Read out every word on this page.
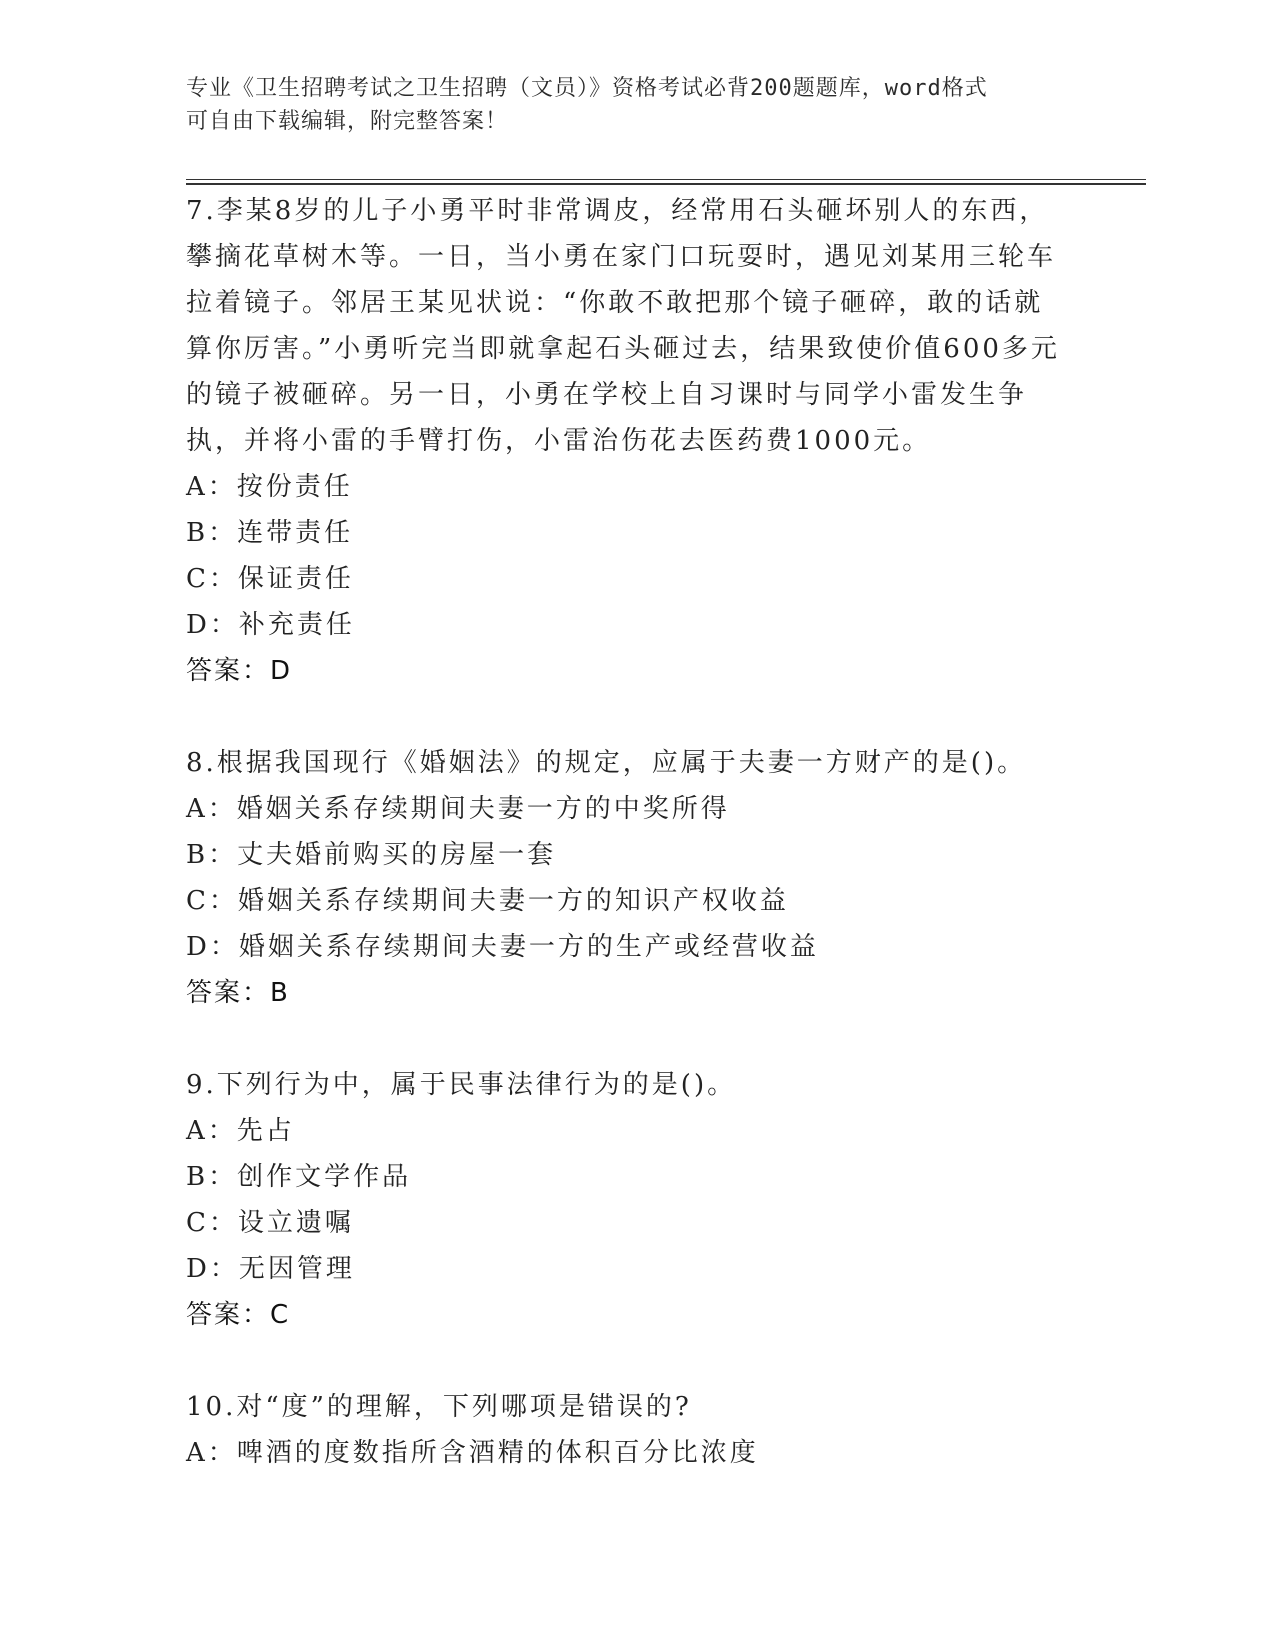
专业《卫生招聘考试之卫生招聘（文员）》资格考试必背200题题库，word格式
可自由下载编辑，附完整答案！

7.李某8岁的儿子小勇平时非常调皮，经常用石头砸坏别人的东西，攀摘花草树木等。一日，当小勇在家门口玩耍时，遇见刘某用三轮车拉着镜子。邻居王某见状说：“你敢不敢把那个镜子砸碎，敢的话就算你厉害。”小勇听完当即就拿起石头砸过去，结果致使价值600多元的镜子被砸碎。另一日，小勇在学校上自习课时与同学小雷发生争执，并将小雷的手臂打伤，小雷治伤花去医药费1000元。

A：按份责任

B：连带责任

C：保证责任

D：补充责任

答案：D

8.根据我国现行《婚姻法》的规定，应属于夫妻一方财产的是()。

A：婚姻关系存续期间夫妻一方的中奖所得

B：丈夫婚前购买的房屋一套

C：婚姻关系存续期间夫妻一方的知识产权收益

D：婚姻关系存续期间夫妻一方的生产或经营收益

答案：B

9.下列行为中，属于民事法律行为的是()。

A：先占

B：创作文学作品

C：设立遗嘱

D：无因管理

答案：C

10.对“度”的理解，下列哪项是错误的?

A：啤酒的度数指所含酒精的体积百分比浓度
